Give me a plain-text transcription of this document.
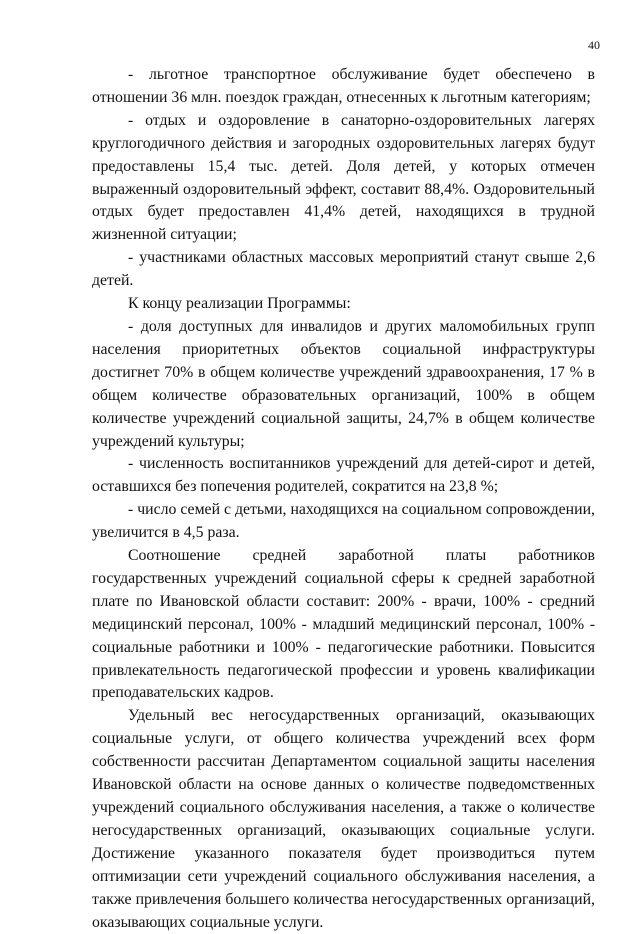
40

- льготное транспортное обслуживание будет обеспечено в отношении 36 млн. поездок граждан, отнесенных к льготным категориям;

- отдых и оздоровление в санаторно-оздоровительных лагерях круглогодичного действия и загородных оздоровительных лагерях будут предоставлены 15,4 тыс. детей. Доля детей, у которых отмечен выраженный оздоровительный эффект, составит 88,4%. Оздоровительный отдых будет предоставлен 41,4% детей, находящихся в трудной жизненной ситуации;

- участниками областных массовых мероприятий станут свыше 2,6 детей.

К концу реализации Программы:

- доля доступных для инвалидов и других маломобильных групп населения приоритетных объектов социальной инфраструктуры достигнет 70% в общем количестве учреждений здравоохранения, 17 % в общем количестве образовательных организаций, 100% в общем количестве учреждений социальной защиты, 24,7% в общем количестве учреждений культуры;

- численность воспитанников учреждений для детей-сирот и детей, оставшихся без попечения родителей, сократится на 23,8 %;

- число семей с детьми, находящихся на социальном сопровождении, увеличится в 4,5 раза.

Соотношение средней заработной платы работников государственных учреждений социальной сферы к средней заработной плате по Ивановской области составит: 200% - врачи, 100% - средний медицинский персонал, 100% - младший медицинский персонал, 100% - социальные работники и 100% - педагогические работники. Повысится привлекательность педагогической профессии и уровень квалификации преподавательских кадров.

Удельный вес негосударственных организаций, оказывающих социальные услуги, от общего количества учреждений всех форм собственности рассчитан Департаментом социальной защиты населения Ивановской области на основе данных о количестве подведомственных учреждений социального обслуживания населения, а также о количестве негосударственных организаций, оказывающих социальные услуги. Достижение указанного показателя будет производиться путем оптимизации сети учреждений социального обслуживания населения, а также привлечения большего количества негосударственных организаций, оказывающих социальные услуги.
